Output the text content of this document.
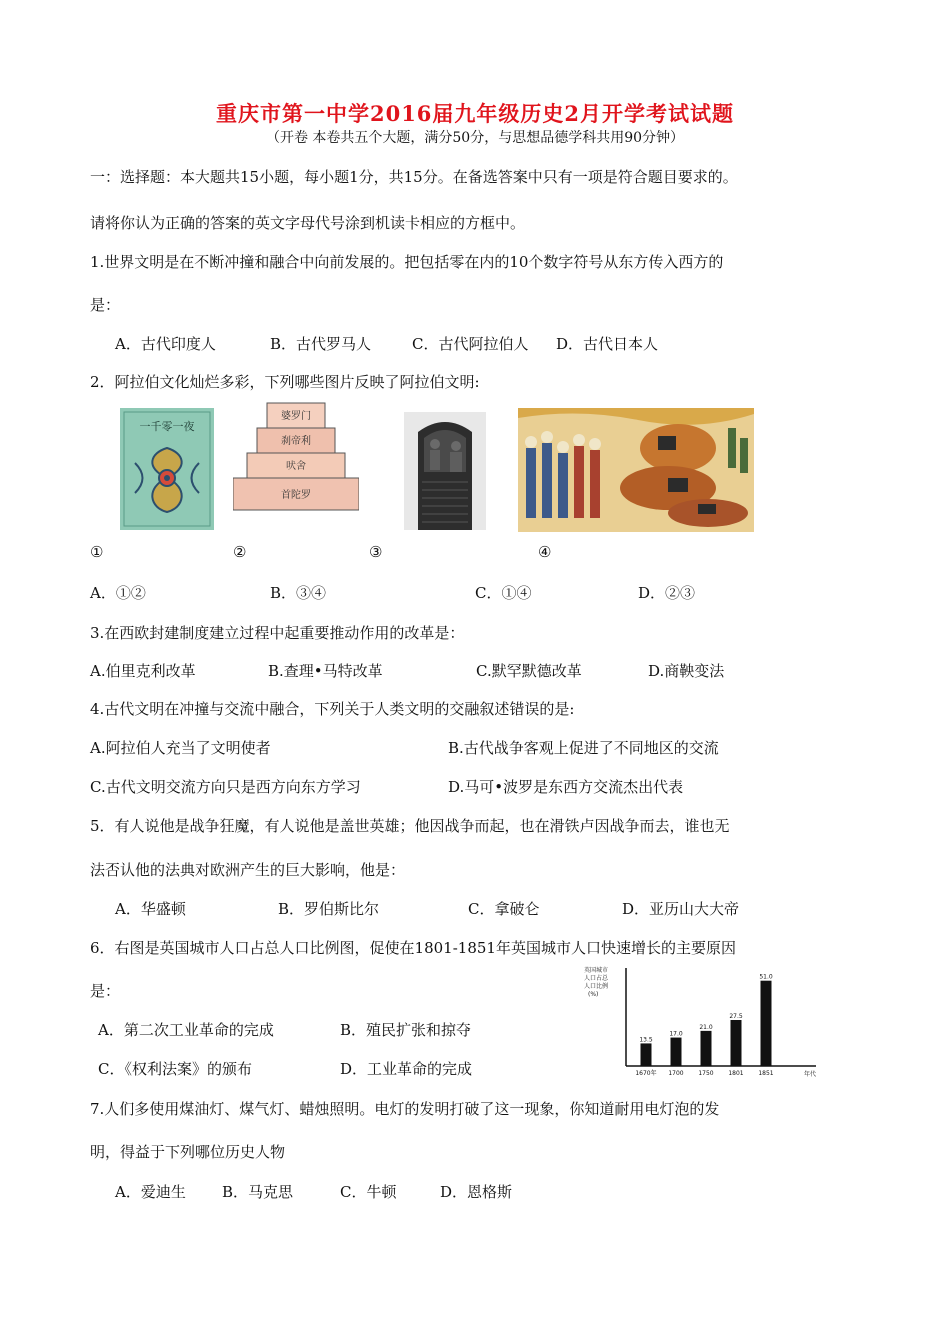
重庆市第一中学2016届九年级历史2月开学考试试题
（开卷 本卷共五个大题，满分50分，与思想品德学科共用90分钟）
一：选择题：本大题共15小题，每小题1分，共15分。在备选答案中只有一项是符合题目要求的。
请将你认为正确的答案的英文字母代号涂到机读卡相应的方框中。
1.世界文明是在不断冲撞和融合中向前发展的。把包括零在内的10个数字符号从东方传入西方的
是：
A．古代印度人	B．古代罗马人	C．古代阿拉伯人 D．古代日本人
2．阿拉伯文化灿烂多彩，下列哪些图片反映了阿拉伯文明:
一千零一夜
婆罗门
刹帝利
吠舍
首陀罗
①	②	③	④
A．①②	B．③④	C．①④	D．②③
3.在西欧封建制度建立过程中起重要推动作用的改革是：
A.伯里克利改革	B.查理•马特改革	C.默罕默德改革	D.商鞅变法
4.古代文明在冲撞与交流中融合，下列关于人类文明的交融叙述错误的是:
A.阿拉伯人充当了文明使者	B.古代战争客观上促进了不同地区的交流
C.古代文明交流方向只是西方向东方学习	D.马可•波罗是东西方交流杰出代表
5．有人说他是战争狂魔，有人说他是盖世英雄；他因战争而起，也在滑铁卢因战争而去，谁也无
法否认他的法典对欧洲产生的巨大影响，他是：
A．华盛顿	B．罗伯斯比尔	C．拿破仑	D．亚历山大大帝
6．右图是英国城市人口占总人口比例图，促使在1801-1851年英国城市人口快速增长的主要原因
是：
A．第二次工业革命的完成	B．殖民扩张和掠夺
C．《权利法案》的颁布	D．工业革命的完成
英国城市
人口占总
人口比例
(%)
13.5
1670年
17.0
1700
21.0
1750
27.5
1801
51.0
1851	年代
7.人们多使用煤油灯、煤气灯、蜡烛照明。电灯的发明打破了这一现象，你知道耐用电灯泡的发
明，得益于下列哪位历史人物
A．爱迪生 B．马克思	C．牛顿	D．恩格斯
